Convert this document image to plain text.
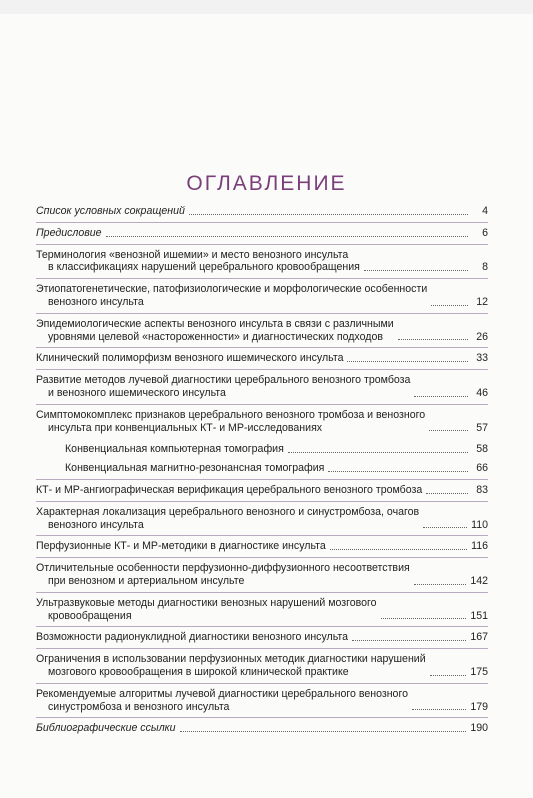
ОГЛАВЛЕНИЕ
Список условных сокращений	4
Предисловие	6
Терминология «венозной ишемии» и место венозного инсульта
в классификациях нарушений церебрального кровообращения	8
Этиопатогенетические, патофизиологические и морфологические особенности
венозного инсульта	12
Эпидемиологические аспекты венозного инсульта в связи с различными
уровнями целевой «настороженности» и диагностических подходов	26
Клинический полиморфизм венозного ишемического инсульта	33
Развитие методов лучевой диагностики церебрального венозного тромбоза
и венозного ишемического инсульта	46
Симптомокомплекс признаков церебрального венозного тромбоза и венозного
инсульта при конвенциальных КТ- и МР-исследованиях	57
Конвенциальная компьютерная томография	58
Конвенциальная магнитно-резонансная томография	66
КТ- и МР-ангиографическая верификация церебрального венозного тромбоза	83
Характерная локализация церебрального венозного и синустромбоза, очагов
венозного инсульта	110
Перфузионные КТ- и МР-методики в диагностике инсульта	116
Отличительные особенности перфузионно-диффузионного несоответствия
при венозном и артериальном инсульте	142
Ультразвуковые методы диагностики венозных нарушений мозгового
кровообращения	151
Возможности радионуклидной диагностики венозного инсульта	167
Ограничения в использовании перфузионных методик диагностики нарушений
мозгового кровообращения в широкой клинической практике	175
Рекомендуемые алгоритмы лучевой диагностики церебрального венозного
синустромбоза и венозного инсульта	179
Библиографические ссылки	190
